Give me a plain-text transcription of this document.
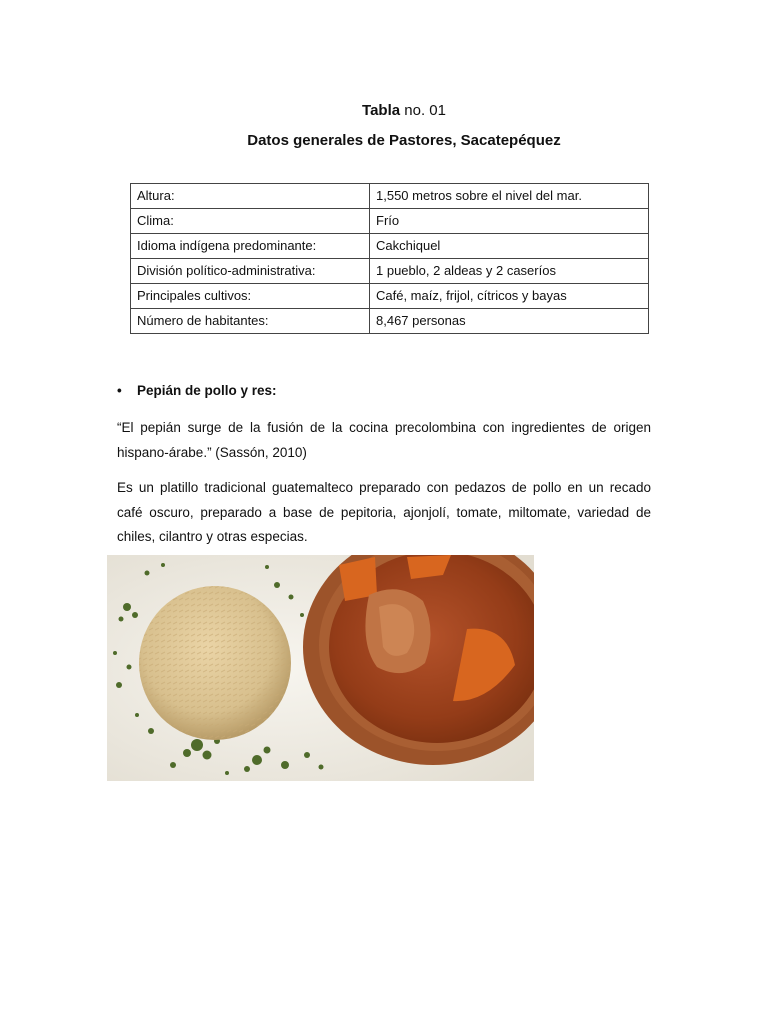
Tabla no. 01
Datos generales de Pastores, Sacatepéquez
Altura:	1,550 metros sobre el nivel del mar.
Clima:	Frío
Idioma indígena predominante:	Cakchiquel
División político-administrativa:	1 pueblo, 2 aldeas y 2 caseríos
Principales cultivos:	Café, maíz, frijol, cítricos y bayas
Número de habitantes:	8,467 personas
• Pepián de pollo y res:
“El pepián surge de la fusión de la cocina precolombina con ingredientes de origen hispano-árabe.” (Sassón, 2010)
Es un platillo tradicional guatemalteco preparado con pedazos de pollo en un recado café oscuro, preparado a base de pepitoria, ajonjolí, tomate, miltomate, variedad de chiles, cilantro y otras especias.
